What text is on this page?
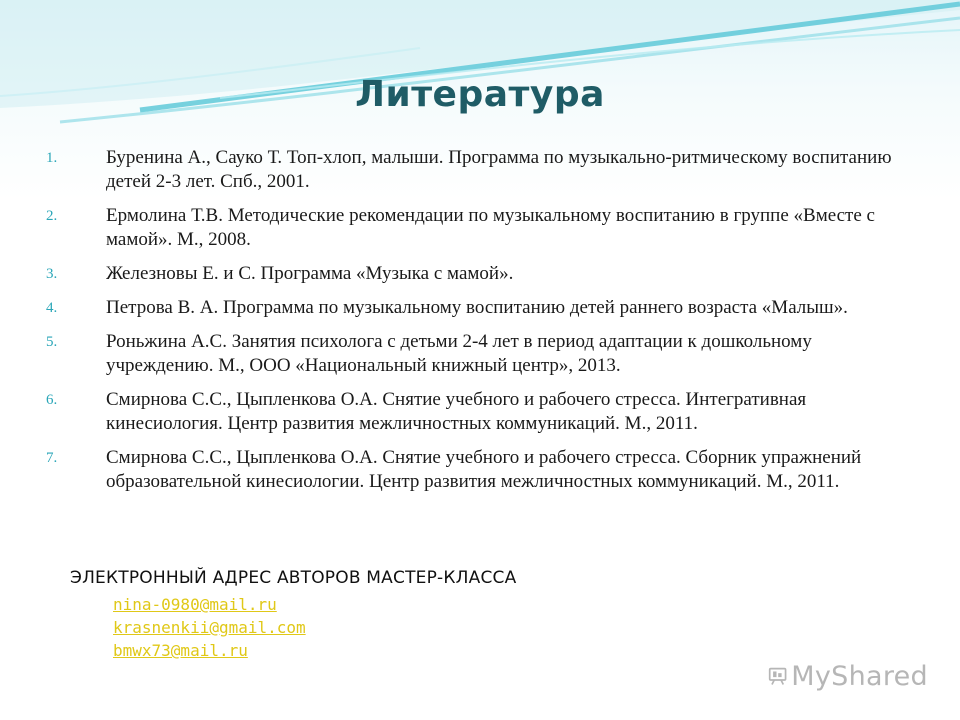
Литература
1.	Буренина А., Сауко Т. Топ-хлоп, малыши. Программа по музыкально-ритмическому воспитанию детей 2-3 лет. Спб., 2001.
2.	Ермолина Т.В. Методические рекомендации по музыкальному воспитанию в группе «Вместе с мамой». М., 2008.
3.	Железновы Е. и С. Программа «Музыка с мамой».
4.	Петрова В. А. Программа по музыкальному воспитанию детей раннего возраста «Малыш».
5.	Роньжина А.С. Занятия психолога с детьми 2-4 лет в период адаптации к дошкольному учреждению. М., ООО «Национальный книжный центр», 2013.
6.	Смирнова С.С., Цыпленкова О.А. Снятие учебного и рабочего стресса. Интегративная кинесиология. Центр развития межличностных коммуникаций. М., 2011.
7.	Смирнова С.С., Цыпленкова О.А. Снятие учебного и рабочего стресса. Сборник упражнений образовательной кинесиологии. Центр развития межличностных коммуникаций. М., 2011.
ЭЛЕКТРОННЫЙ АДРЕС АВТОРОВ МАСТЕР-КЛАССА
nina-0980@mail.ru
krasnenkii@gmail.com
bmwx73@mail.ru
MyShared
